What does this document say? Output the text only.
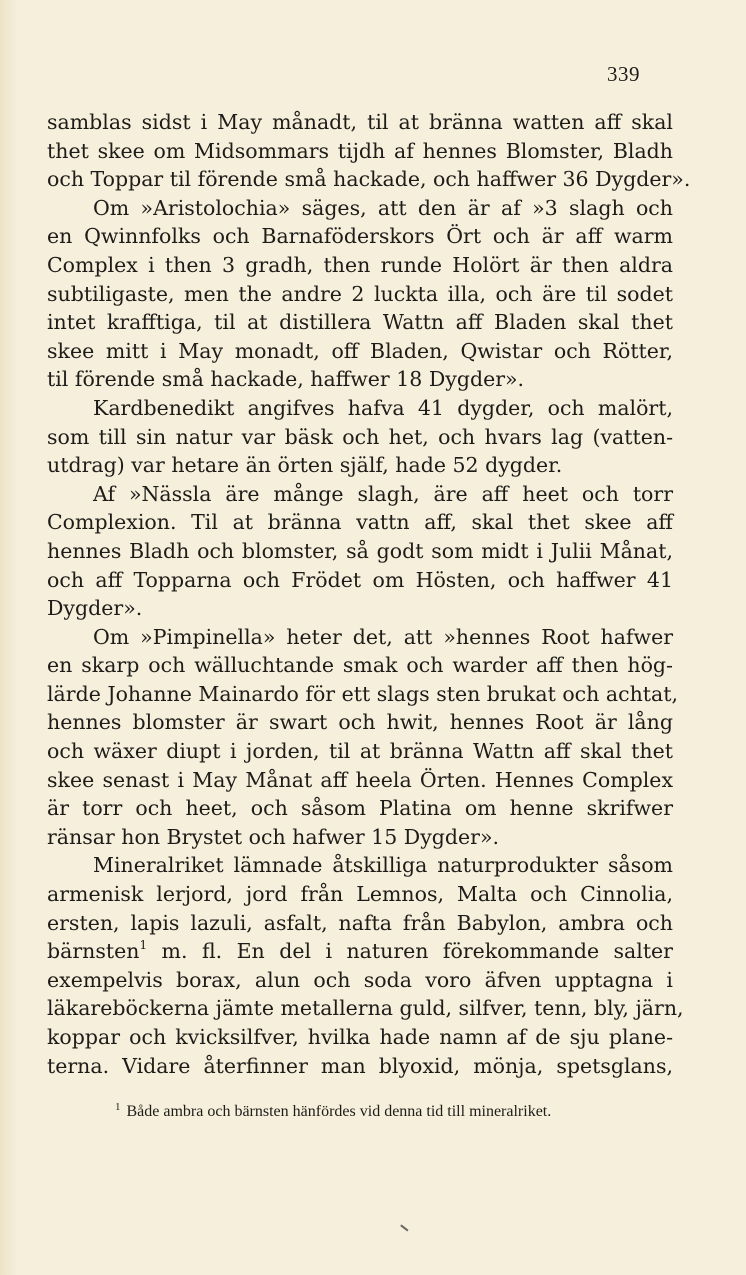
339
samblas sidst i May månadt, til at bränna watten aff skal
thet skee om Midsommars tijdh af hennes Blomster, Bladh
och Toppar til förende små hackade, och haffwer 36 Dygder».
Om »Aristolochia» säges, att den är af »3 slagh och
en Qwinnfolks och Barnaföderskors Ört och är aff warm
Complex i then 3 gradh, then runde Holört är then aldra
subtiligaste, men the andre 2 luckta illa, och äre til sodet
intet krafftiga, til at distillera Wattn aff Bladen skal thet
skee mitt i May monadt, off Bladen, Qwistar och Rötter,
til förende små hackade, haffwer 18 Dygder».
Kardbenedikt angifves hafva 41 dygder, och malört,
som till sin natur var bäsk och het, och hvars lag (vatten-
utdrag) var hetare än örten själf, hade 52 dygder.
Af »Nässla äre månge slagh, äre aff heet och torr
Complexion. Til at bränna vattn aff, skal thet skee aff
hennes Bladh och blomster, så godt som midt i Julii Månat,
och aff Topparna och Frödet om Hösten, och haffwer 41
Dygder».
Om »Pimpinella» heter det, att »hennes Root hafwer
en skarp och wälluchtande smak och warder aff then hög-
lärde Johanne Mainardo för ett slags sten brukat och achtat,
hennes blomster är swart och hwit, hennes Root är lång
och wäxer diupt i jorden, til at bränna Wattn aff skal thet
skee senast i May Månat aff heela Örten. Hennes Complex
är torr och heet, och såsom Platina om henne skrifwer
ränsar hon Brystet och hafwer 15 Dygder».
Mineralriket lämnade åtskilliga naturprodukter såsom
armenisk lerjord, jord från Lemnos, Malta och Cinnolia,
ersten, lapis lazuli, asfalt, nafta från Babylon, ambra och
bärnsten$^1$ m. fl. En del i naturen förekommande salter
exempelvis borax, alun och soda voro äfven upptagna i
läkareböckerna jämte metallerna guld, silfver, tenn, bly, järn,
koppar och kvicksilfver, hvilka hade namn af de sju plane-
terna. Vidare återfinner man blyoxid, mönja, spetsglans,
$^1$ Både ambra och bärnsten hänfördes vid denna tid till mineralriket.
